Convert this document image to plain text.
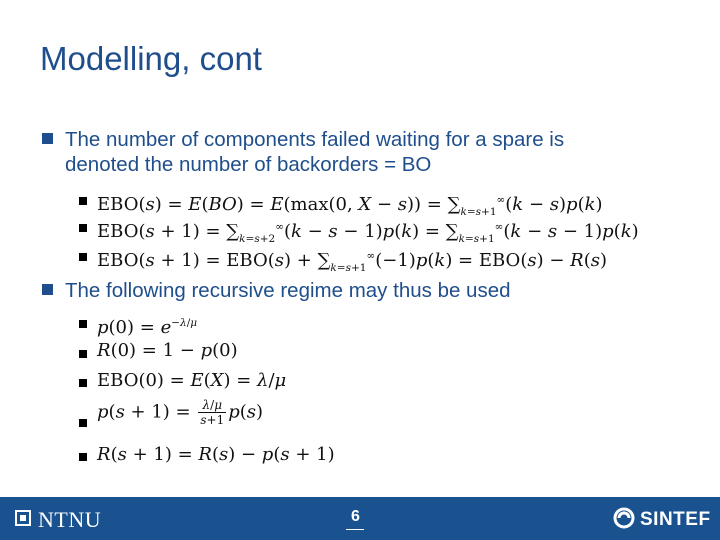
Modelling, cont
The number of components failed waiting for a spare is
denoted the number of backorders = BO
EBO(s) = E(BO) = E(max(0, $X - s)) = \sum_{k=s+1}^\infty(k - s)p(k)$
$EBO(s + 1) = \sum_{k=s+2}^\infty(k - s - 1)p(k) = \sum_{k=s+1}^\infty(k - s - 1)p(k)$
$EBO(s + 1) = EBO(s) + \sum_{k=s+1}^\infty(-1)p(k) = EBO(s) - R(s)$
The following recursive regime may thus be used
$p(0) = e^{-\lambda/\mu}$
R(0) = 1 − p(0)
EBO(0) = E(X) = λ/μ
$p(s + 1) = \frac{\lambda/\mu}{s+1} p(s)$
R(s + 1) = R(s) − p(s + 1)
NTNU	6	SINTEF
